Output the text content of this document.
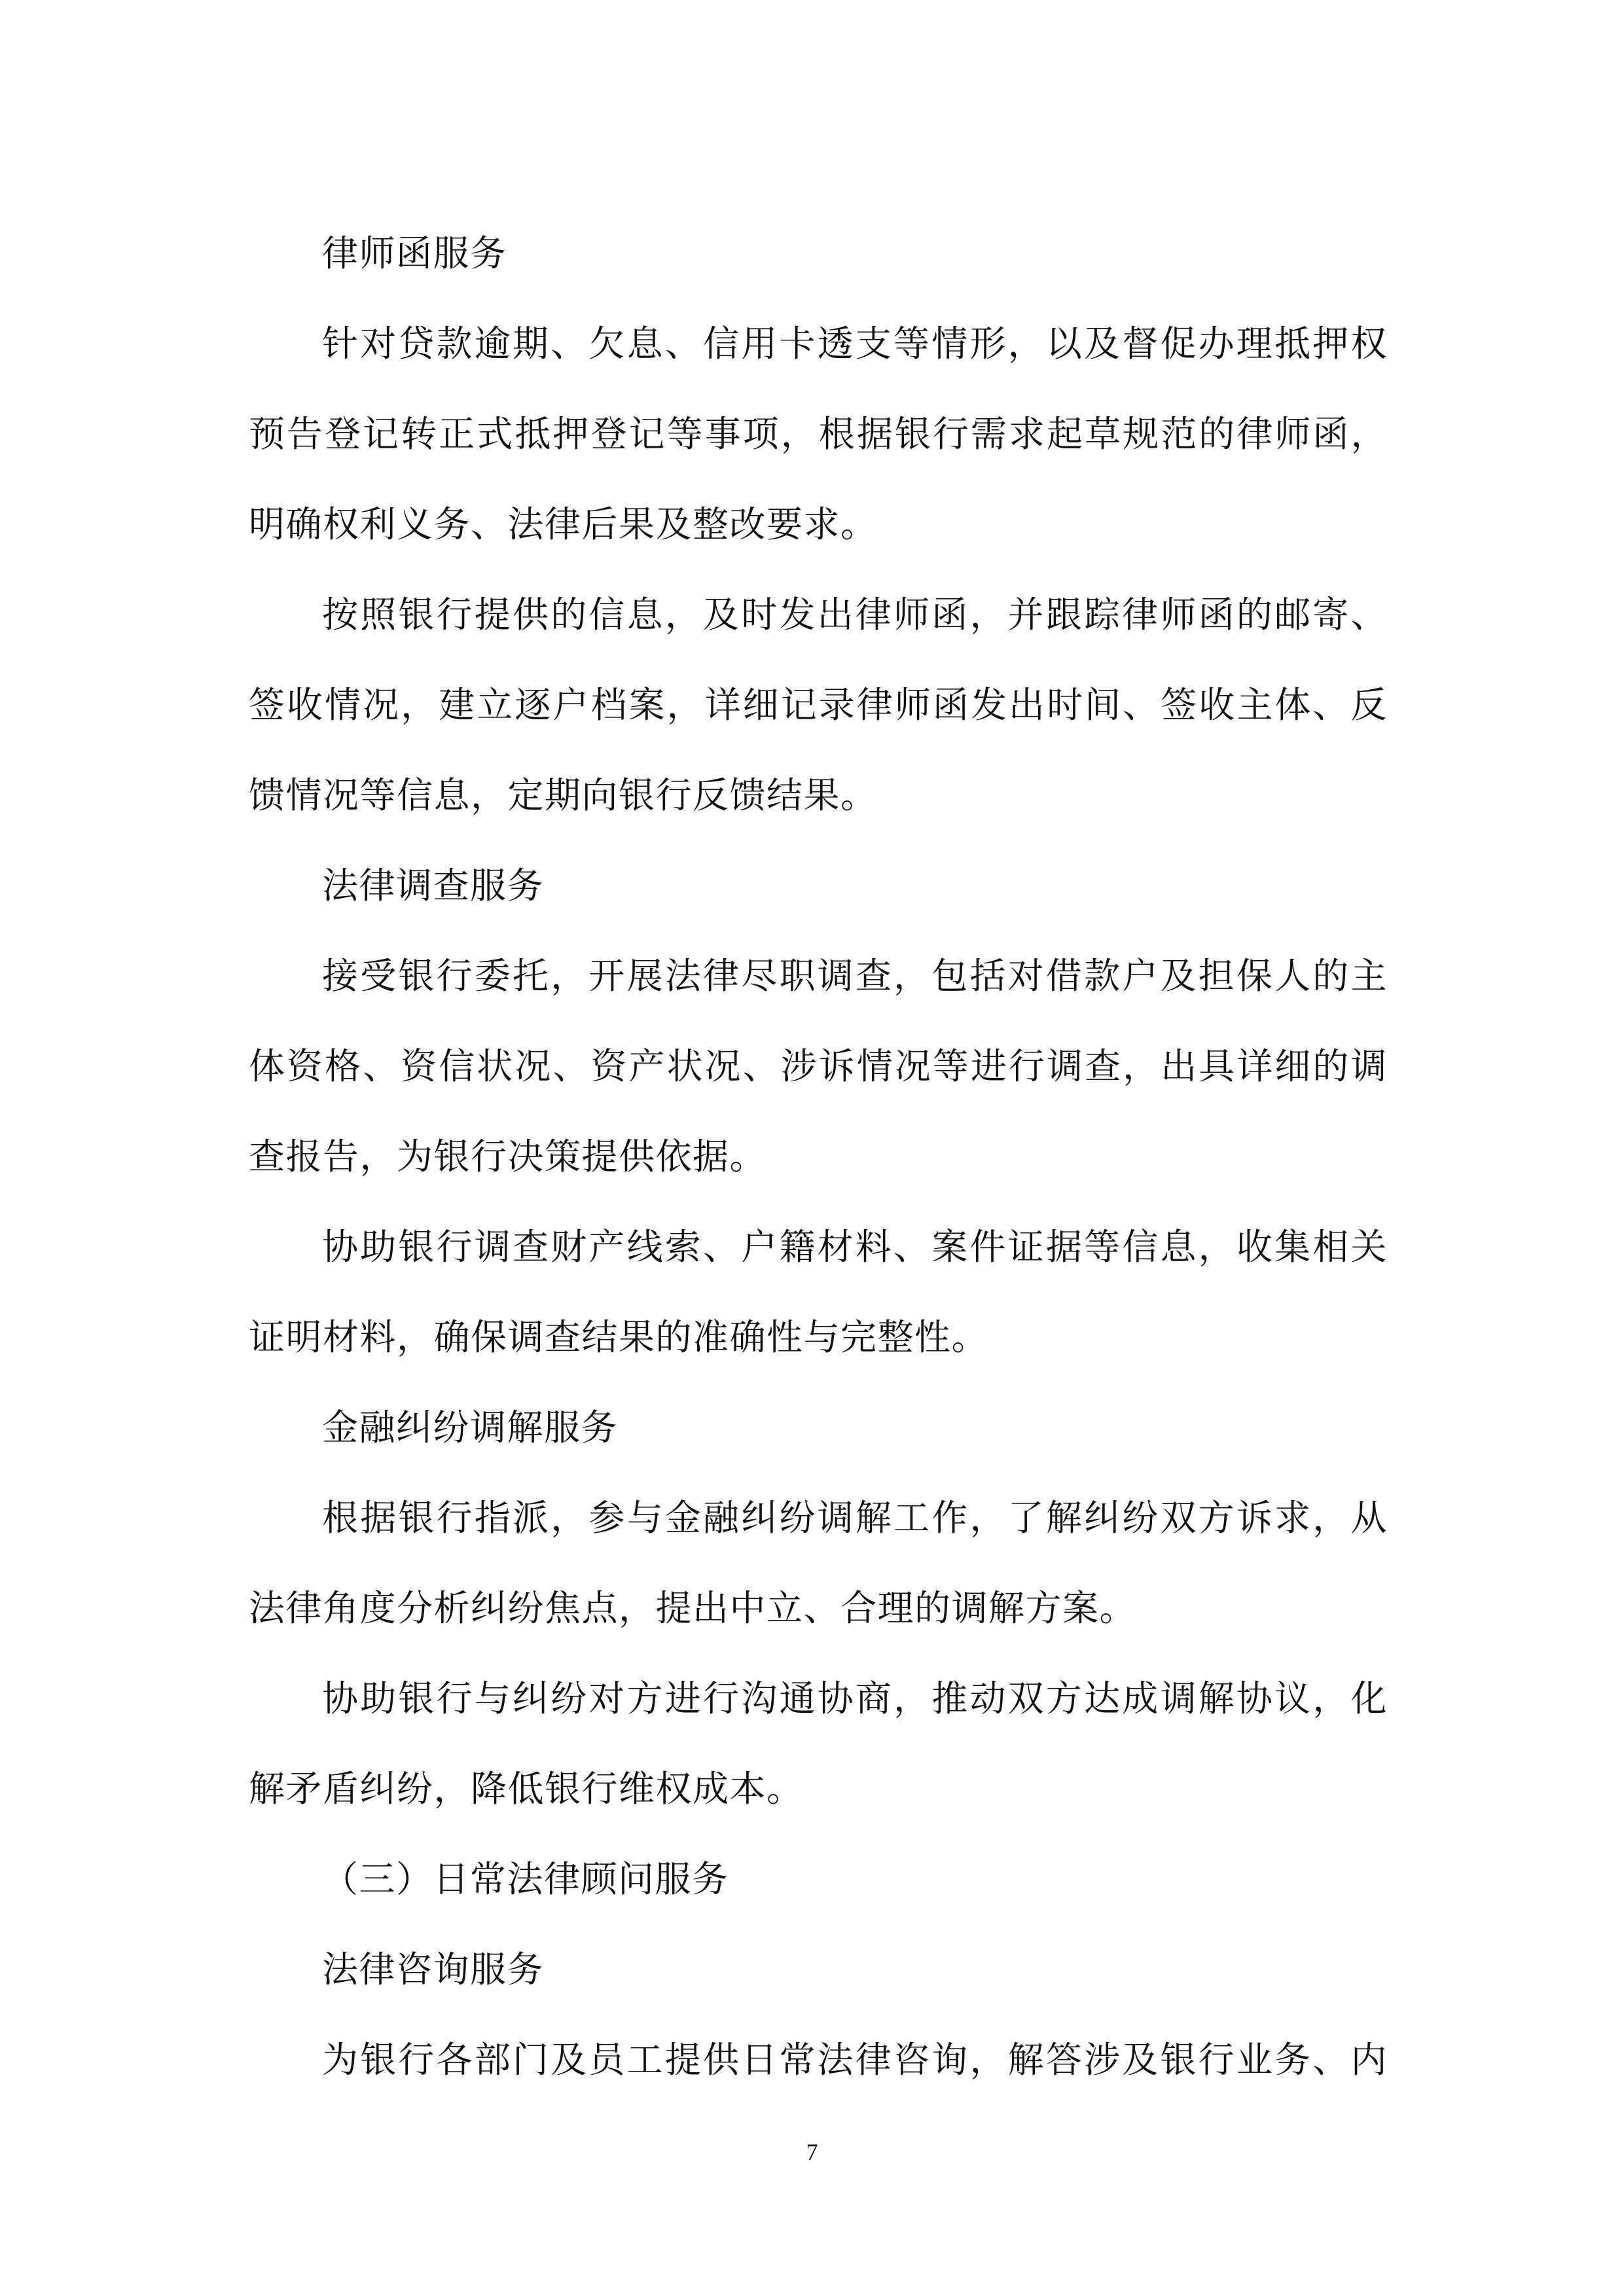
律师函服务
针对贷款逾期、欠息、信用卡透支等情形，以及督促办理抵押权
预告登记转正式抵押登记等事项，根据银行需求起草规范的律师函，
明确权利义务、法律后果及整改要求。
按照银行提供的信息，及时发出律师函，并跟踪律师函的邮寄、
签收情况，建立逐户档案，详细记录律师函发出时间、签收主体、反
馈情况等信息，定期向银行反馈结果。
法律调查服务
接受银行委托，开展法律尽职调查，包括对借款户及担保人的主
体资格、资信状况、资产状况、涉诉情况等进行调查，出具详细的调
查报告，为银行决策提供依据。
协助银行调查财产线索、户籍材料、案件证据等信息，收集相关
证明材料，确保调查结果的准确性与完整性。
金融纠纷调解服务
根据银行指派，参与金融纠纷调解工作，了解纠纷双方诉求，从
法律角度分析纠纷焦点，提出中立、合理的调解方案。
协助银行与纠纷对方进行沟通协商，推动双方达成调解协议，化
解矛盾纠纷，降低银行维权成本。
（三）日常法律顾问服务
法律咨询服务
为银行各部门及员工提供日常法律咨询，解答涉及银行业务、内
7
